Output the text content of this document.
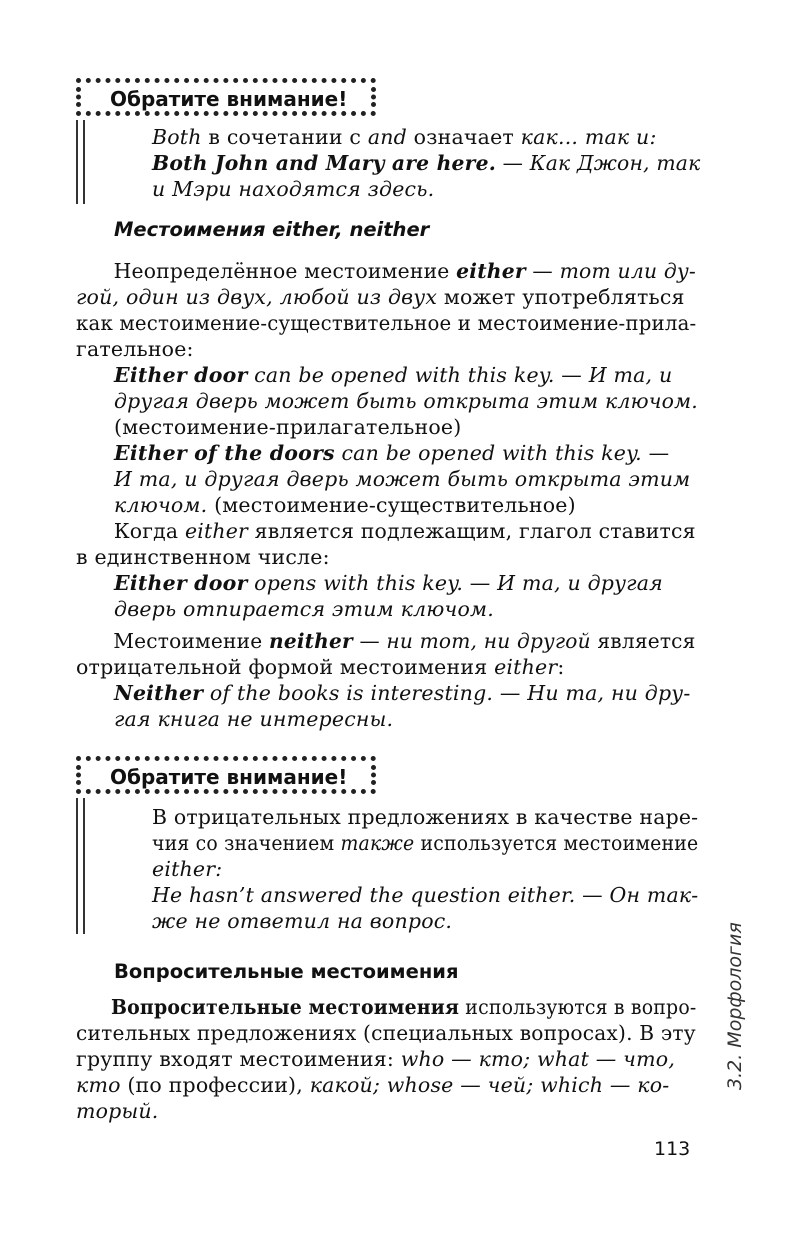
Обратите внимание!
Both в сочетании с and означает как... так и:
Both John and Mary are here. — Как Джон, так
и Мэри находятся здесь.
Местоимения either, neither
Неопределённое местоимение either — тот или ду-
гой, один из двух, любой из двух может употребляться
как местоимение-существительное и местоимение-прила-
гательное:
Either door can be opened with this key. — И та, и
другая дверь может быть открыта этим ключом.
(местоимение-прилагательное)
Either of the doors can be opened with this key. —
И та, и другая дверь может быть открыта этим
ключом. (местоимение-существительное)
Когда either является подлежащим, глагол ставится
в единственном числе:
Either door opens with this key. — И та, и другая
дверь отпирается этим ключом.
Местоимение neither — ни тот, ни другой является
отрицательной формой местоимения either:
Neither of the books is interesting. — Ни та, ни дру-
гая книга не интересны.
Обратите внимание!
В отрицательных предложениях в качестве наре-
чия со значением также используется местоимение
either:
He hasn’t answered the question either. — Он так-
же не ответил на вопрос.
Вопросительные местоимения
Вопросительные местоимения используются в вопро-
сительных предложениях (специальных вопросах). В эту
группу входят местоимения: who — кто; what — что,
кто (по профессии), какой; whose — чей; which — ко-
торый.
3.2. Морфология
113
